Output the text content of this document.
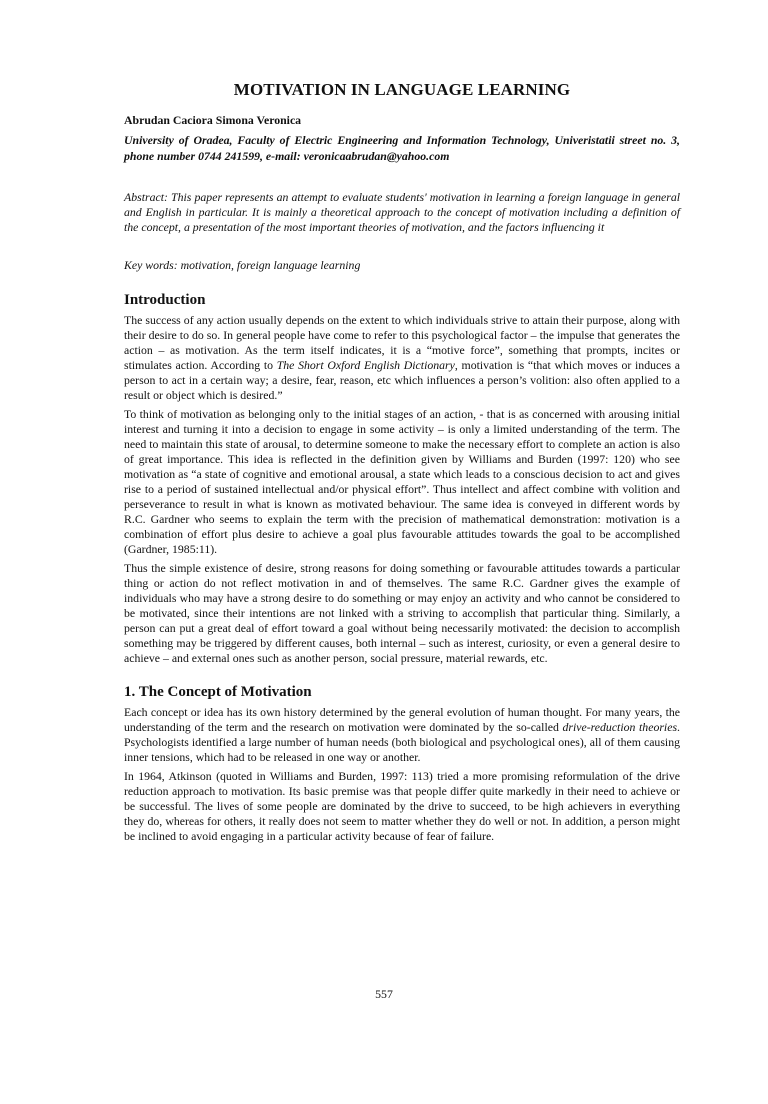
MOTIVATION IN LANGUAGE LEARNING
Abrudan Caciora Simona Veronica
University of Oradea, Faculty of Electric Engineering and Information Technology, Univeristatii street no. 3, phone number 0744 241599, e-mail: veronicaabrudan@yahoo.com
Abstract: This paper represents an attempt to evaluate students' motivation in learning a foreign language in general and English in particular. It is mainly a theoretical approach to the concept of motivation including a definition of the concept, a presentation of the most important theories of motivation, and the factors influencing it
Key words: motivation, foreign language learning
Introduction

The success of any action usually depends on the extent to which individuals strive to attain their purpose, along with their desire to do so. In general people have come to refer to this psychological factor – the impulse that generates the action – as motivation. As the term itself indicates, it is a “motive force”, something that prompts, incites or stimulates action. According to The Short Oxford English Dictionary, motivation is “that which moves or induces a person to act in a certain way; a desire, fear, reason, etc which influences a person’s volition: also often applied to a result or object which is desired.”

To think of motivation as belonging only to the initial stages of an action, - that is as concerned with arousing initial interest and turning it into a decision to engage in some activity – is only a limited understanding of the term. The need to maintain this state of arousal, to determine someone to make the necessary effort to complete an action is also of great importance. This idea is reflected in the definition given by Williams and Burden (1997: 120) who see motivation as “a state of cognitive and emotional arousal, a state which leads to a conscious decision to act and gives rise to a period of sustained intellectual and/or physical effort”. Thus intellect and affect combine with volition and perseverance to result in what is known as motivated behaviour. The same idea is conveyed in different words by R.C. Gardner who seems to explain the term with the precision of mathematical demonstration: motivation is a combination of effort plus desire to achieve a goal plus favourable attitudes towards the goal to be accomplished (Gardner, 1985:11).

Thus the simple existence of desire, strong reasons for doing something or favourable attitudes towards a particular thing or action do not reflect motivation in and of themselves. The same R.C. Gardner gives the example of individuals who may have a strong desire to do something or may enjoy an activity and who cannot be considered to be motivated, since their intentions are not linked with a striving to accomplish that particular thing. Similarly, a person can put a great deal of effort toward a goal without being necessarily motivated: the decision to accomplish something may be triggered by different causes, both internal – such as interest, curiosity, or even a general desire to achieve – and external ones such as another person, social pressure, material rewards, etc.

1. The Concept of Motivation

Each concept or idea has its own history determined by the general evolution of human thought. For many years, the understanding of the term and the research on motivation were dominated by the so-called drive-reduction theories. Psychologists identified a large number of human needs (both biological and psychological ones), all of them causing inner tensions, which had to be released in one way or another.

In 1964, Atkinson (quoted in Williams and Burden, 1997: 113) tried a more promising reformulation of the drive reduction approach to motivation. Its basic premise was that people differ quite markedly in their need to achieve or be successful. The lives of some people are dominated by the drive to succeed, to be high achievers in everything they do, whereas for others, it really does not seem to matter whether they do well or not. In addition, a person might be inclined to avoid engaging in a particular activity because of fear of failure.

557
